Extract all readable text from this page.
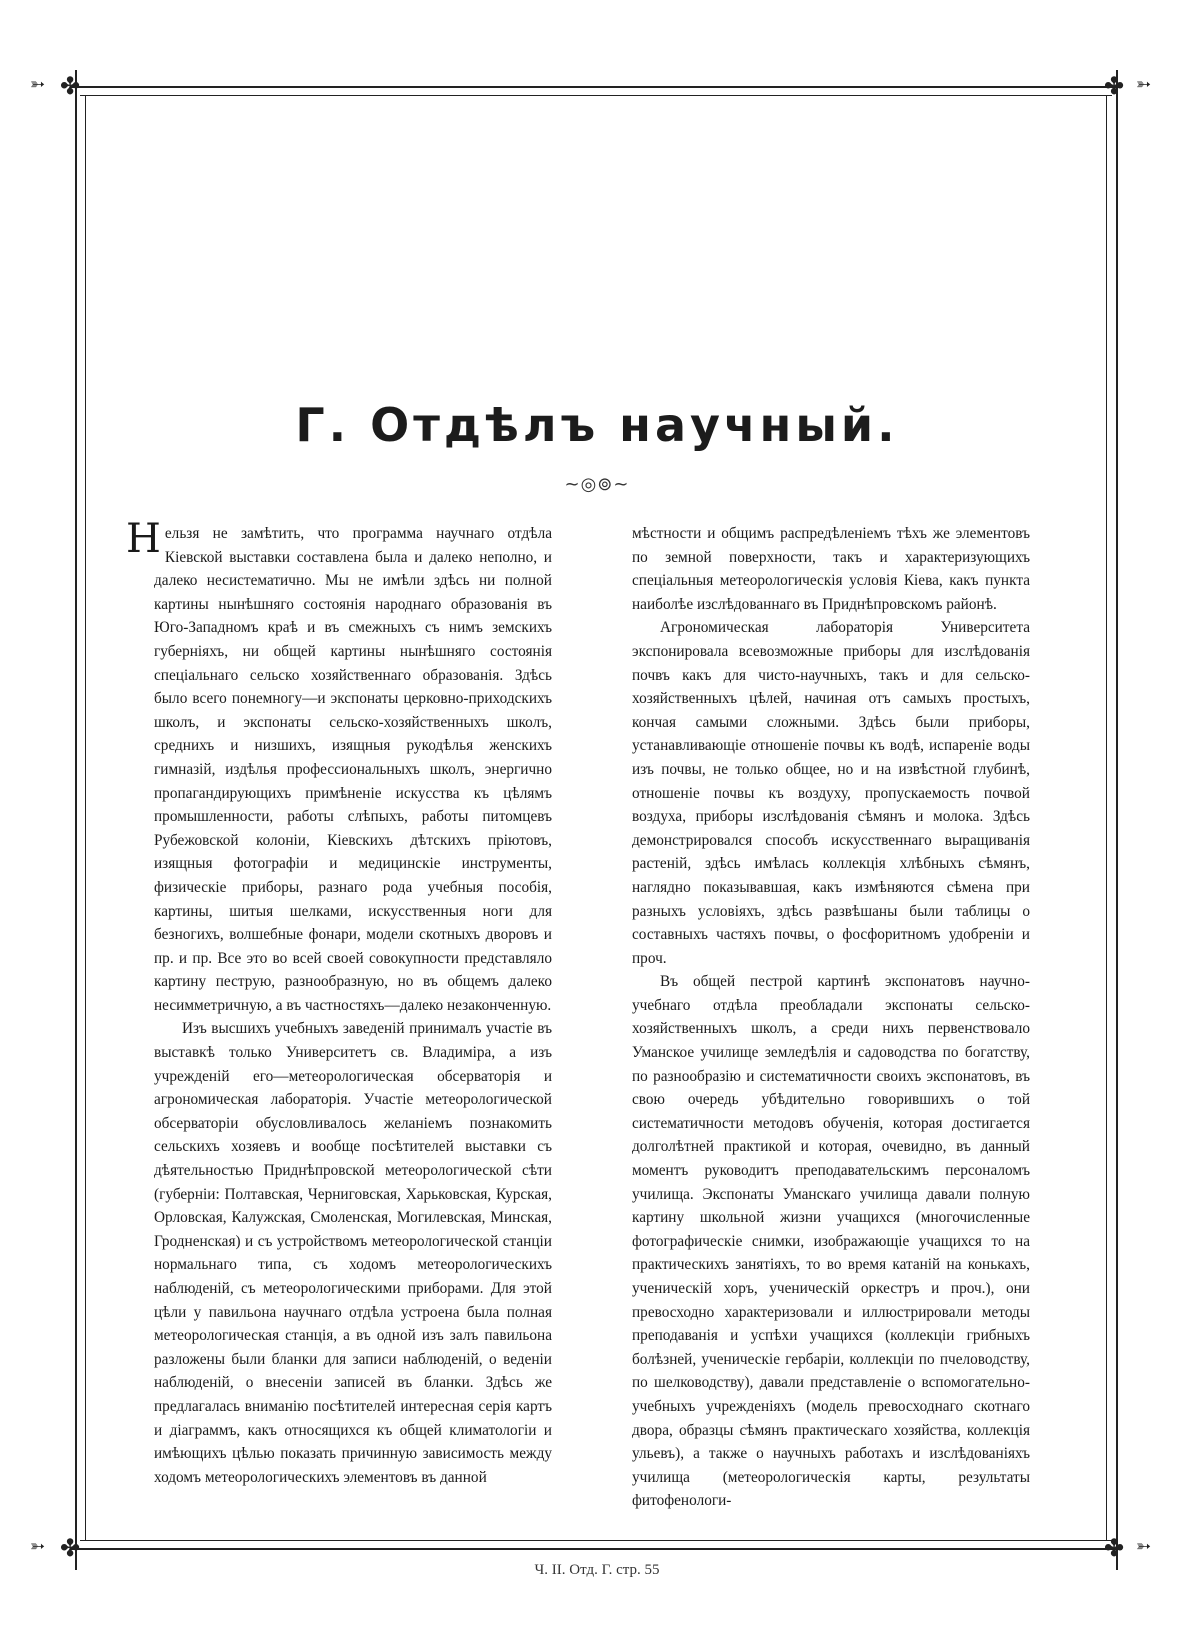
✤	✤
✤	✤
➳	➳
➳	➳
Г. Отдѣлъ научный.
~◎⊚~

Нельзя не замѣтить, что программа научнаго отдѣла Кіевской выставки составлена была и далеко неполно, и далеко несистематично. Мы не имѣли здѣсь ни полной картины нынѣшняго состоянія народнаго образованія въ Юго-Западномъ краѣ и въ смежныхъ съ нимъ земскихъ губерніяхъ, ни общей картины нынѣшняго состоянія спеціальнаго сельско хозяйственнаго образованія. Здѣсь было всего понемногу—и экспонаты церковно-приходскихъ школъ, и экспонаты сельско-хозяйственныхъ школъ, среднихъ и низшихъ, изящныя рукодѣлья женскихъ гимназій, издѣлья профессиональныхъ школъ, энергично пропагандирующихъ примѣненіе искусства къ цѣлямъ промышленности, работы слѣпыхъ, работы питомцевъ Рубежовской колоніи, Кіевскихъ дѣтскихъ пріютовъ, изящныя фотографіи и медицинскіе инструменты, физическіе приборы, разнаго рода учебныя пособія, картины, шитыя шелками, искусственныя ноги для безногихъ, волшебные фонари, модели скотныхъ дворовъ и пр. и пр. Все это во всей своей совокупности представляло картину пеструю, разнообразную, но въ общемъ далеко несимметричную, а въ частностяхъ—далеко незаконченную.

Изъ высшихъ учебныхъ заведеній принималъ участіе въ выставкѣ только Университетъ св. Владиміра, а изъ учрежденій его—метеорологическая обсерваторія и агрономическая лабораторія. Участіе метеорологической обсерваторіи обусловливалось желаніемъ познакомить сельскихъ хозяевъ и вообще посѣтителей выставки съ дѣятельностью Приднѣпровской метеорологической сѣти (губерніи: Полтавская, Черниговская, Харьковская, Курская, Орловская, Калужская, Смоленская, Могилевская, Минская, Гродненская) и съ устройствомъ метеорологической станціи нормальнаго типа, съ ходомъ метеорологическихъ наблюденій, съ метеорологическими приборами. Для этой цѣли у павильона научнаго отдѣла устроена была полная метеорологическая станція, а въ одной изъ залъ павильона разложены были бланки для записи наблюденій, о веденіи наблюденій, о внесеніи записей въ бланки. Здѣсь же предлагалась вниманію посѣтителей интересная серія картъ и діаграммъ, какъ относящихся къ общей климатологіи и имѣющихъ цѣлью показать причинную зависимость между ходомъ метеорологическихъ элементовъ въ данной

мѣстности и общимъ распредѣленіемъ тѣхъ же элементовъ по земной поверхности, такъ и характеризующихъ спеціальныя метеорологическія условія Кіева, какъ пункта наиболѣе изслѣдованнаго въ Приднѣпровскомъ районѣ.

Агрономическая лабораторія Университета экспонировала всевозможные приборы для изслѣдованія почвъ какъ для чисто-научныхъ, такъ и для сельско-хозяйственныхъ цѣлей, начиная отъ самыхъ простыхъ, кончая самыми сложными. Здѣсь были приборы, устанавливающіе отношеніе почвы къ водѣ, испареніе воды изъ почвы, не только общее, но и на извѣстной глубинѣ, отношеніе почвы къ воздуху, пропускаемость почвой воздуха, приборы изслѣдованія сѣмянъ и молока. Здѣсь демонстрировался способъ искусственнаго выращиванія растеній, здѣсь имѣлась коллекція хлѣбныхъ сѣмянъ, наглядно показывавшая, какъ измѣняются сѣмена при разныхъ условіяхъ, здѣсь развѣшаны были таблицы о составныхъ частяхъ почвы, о фосфоритномъ удобреніи и проч.

Въ общей пестрой картинѣ экспонатовъ научно-учебнаго отдѣла преобладали экспонаты сельско-хозяйственныхъ школъ, а среди нихъ первенствовало Уманское училище земледѣлія и садоводства по богатству, по разнообразію и систематичности своихъ экспонатовъ, въ свою очередь убѣдительно говорившихъ о той систематичности методовъ обученія, которая достигается долголѣтней практикой и которая, очевидно, въ данный моментъ руководитъ преподавательскимъ персоналомъ училища. Экспонаты Уманскаго училища давали полную картину школьной жизни учащихся (многочисленные фотографическіе снимки, изображающіе учащихся то на практическихъ занятіяхъ, то во время катаній на конькахъ, ученическій хоръ, ученическій оркестръ и проч.), они превосходно характеризовали и иллюстрировали методы преподаванія и успѣхи учащихся (коллекціи грибныхъ болѣзней, ученическіе гербаріи, коллекціи по пчеловодству, по шелководству), давали представленіе о вспомогательно-учебныхъ учрежденіяхъ (модель превосходнаго скотнаго двора, образцы сѣмянъ практическаго хозяйства, коллекція ульевъ), а также о научныхъ работахъ и изслѣдованіяхъ училища (метеорологическія карты, результаты фитофенологи-

Ч. II. Отд. Г. стр. 55
